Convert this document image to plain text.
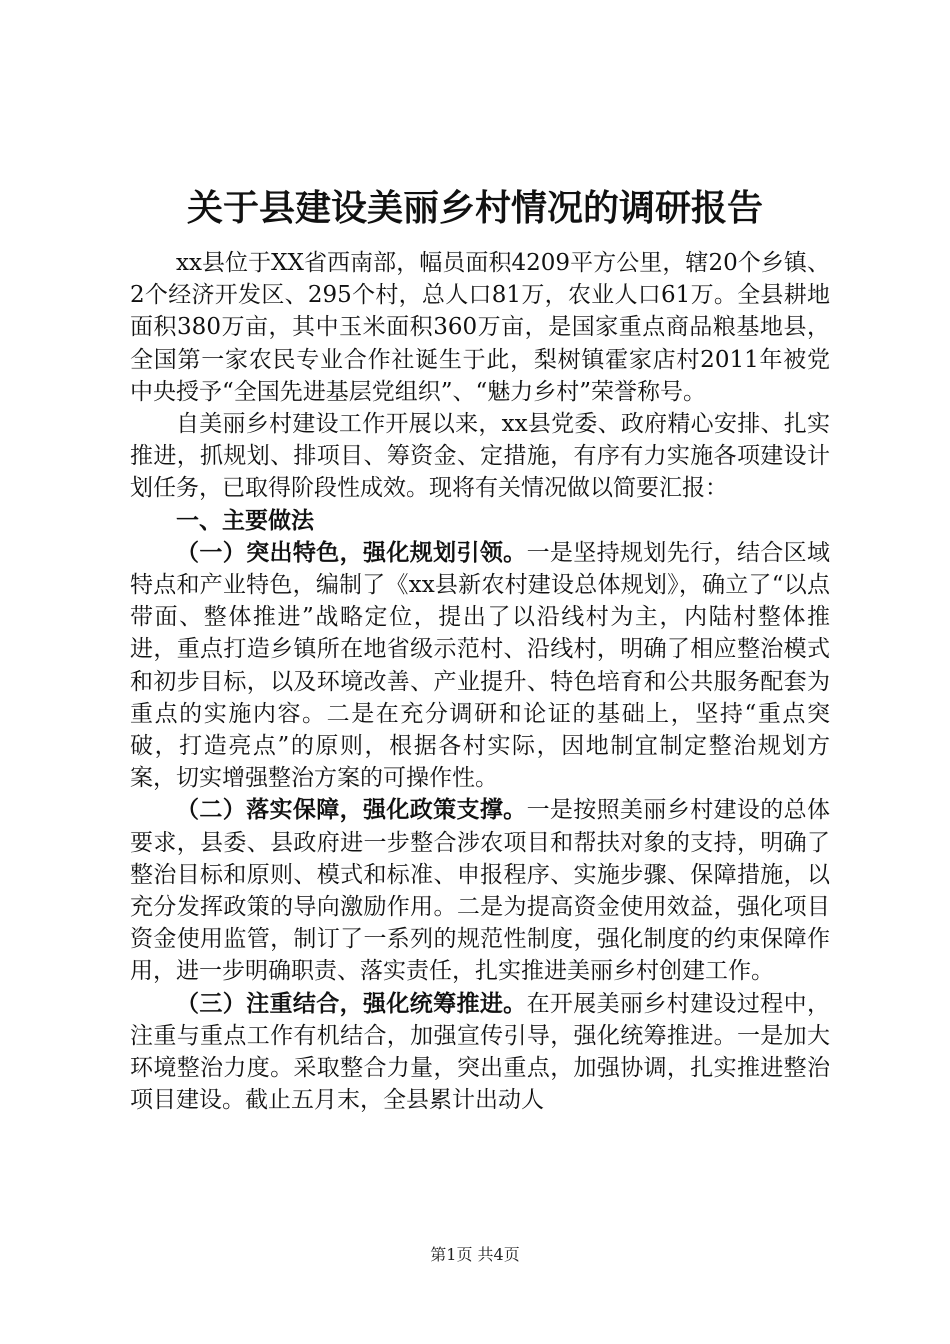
关于县建设美丽乡村情况的调研报告

xx县位于XX省西南部，幅员面积4209平方公里，辖20个乡镇、2个经济开发区、295个村，总人口81万，农业人口61万。全县耕地面积380万亩，其中玉米面积360万亩，是国家重点商品粮基地县，全国第一家农民专业合作社诞生于此，梨树镇霍家店村2011年被党中央授予“全国先进基层党组织”、“魅力乡村”荣誉称号。

自美丽乡村建设工作开展以来，xx县党委、政府精心安排、扎实推进，抓规划、排项目、筹资金、定措施，有序有力实施各项建设计划任务，已取得阶段性成效。现将有关情况做以简要汇报：

一、主要做法

（一）突出特色，强化规划引领。一是坚持规划先行，结合区域特点和产业特色，编制了《xx县新农村建设总体规划》，确立了“以点带面、整体推进”战略定位，提出了以沿线村为主，内陆村整体推进，重点打造乡镇所在地省级示范村、沿线村，明确了相应整治模式和初步目标，以及环境改善、产业提升、特色培育和公共服务配套为重点的实施内容。二是在充分调研和论证的基础上，坚持“重点突破，打造亮点”的原则，根据各村实际，因地制宜制定整治规划方案，切实增强整治方案的可操作性。

（二）落实保障，强化政策支撑。一是按照美丽乡村建设的总体要求，县委、县政府进一步整合涉农项目和帮扶对象的支持，明确了整治目标和原则、模式和标准、申报程序、实施步骤、保障措施，以充分发挥政策的导向激励作用。二是为提高资金使用效益，强化项目资金使用监管，制订了一系列的规范性制度，强化制度的约束保障作用，进一步明确职责、落实责任，扎实推进美丽乡村创建工作。

（三）注重结合，强化统筹推进。在开展美丽乡村建设过程中，注重与重点工作有机结合，加强宣传引导，强化统筹推进。一是加大环境整治力度。采取整合力量，突出重点，加强协调，扎实推进整治项目建设。截止五月末，全县累计出动人

第1页 共4页
